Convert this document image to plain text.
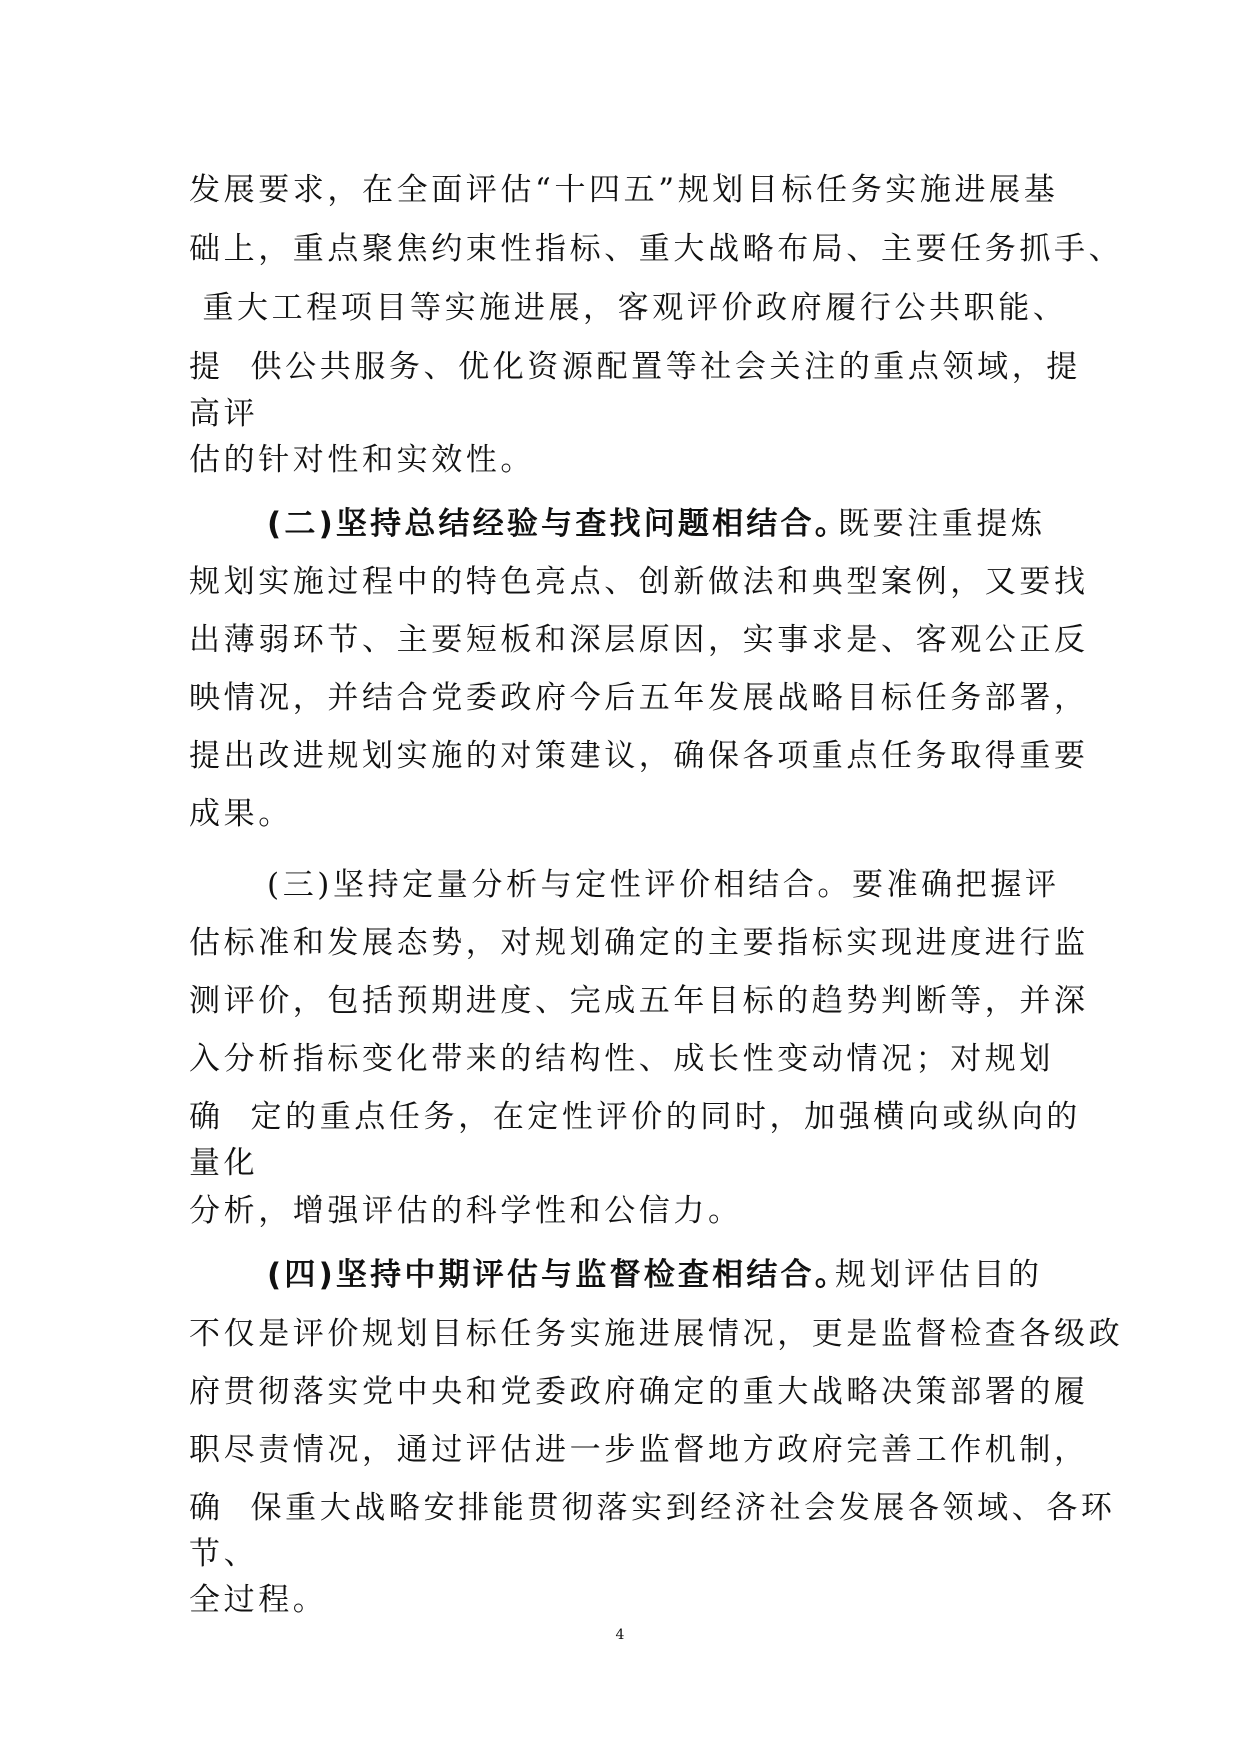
发展要求，在全面评估“十四五”规划目标任务实施进展基
础上，重点聚焦约束性指标、重大战略布局、主要任务抓手、
重大工程项目等实施进展，客观评价政府履行公共职能、
提  供公共服务、优化资源配置等社会关注的重点领域，提
高评
估的针对性和实效性。
(二)坚持总结经验与查找问题相结合。
既要注重提炼
规划实施过程中的特色亮点、创新做法和典型案例，又要找
出薄弱环节、主要短板和深层原因，实事求是、客观公正反
映情况，并结合党委政府今后五年发展战略目标任务部署，
提出改进规划实施的对策建议，确保各项重点任务取得重要
成果。
(三)坚持定量分析与定性评价相结合。要准确把握评
估标准和发展态势，对规划确定的主要指标实现进度进行监
测评价，包括预期进度、完成五年目标的趋势判断等，并深
入分析指标变化带来的结构性、成长性变动情况；对规划
确  定的重点任务，在定性评价的同时，加强横向或纵向的
量化
分析，增强评估的科学性和公信力。
(四)坚持中期评估与监督检查相结合。
规划评估目的
不仅是评价规划目标任务实施进展情况，更是监督检查各级政
府贯彻落实党中央和党委政府确定的重大战略决策部署的履
职尽责情况，通过评估进一步监督地方政府完善工作机制，
确  保重大战略安排能贯彻落实到经济社会发展各领域、各环
节、
全过程。
4
